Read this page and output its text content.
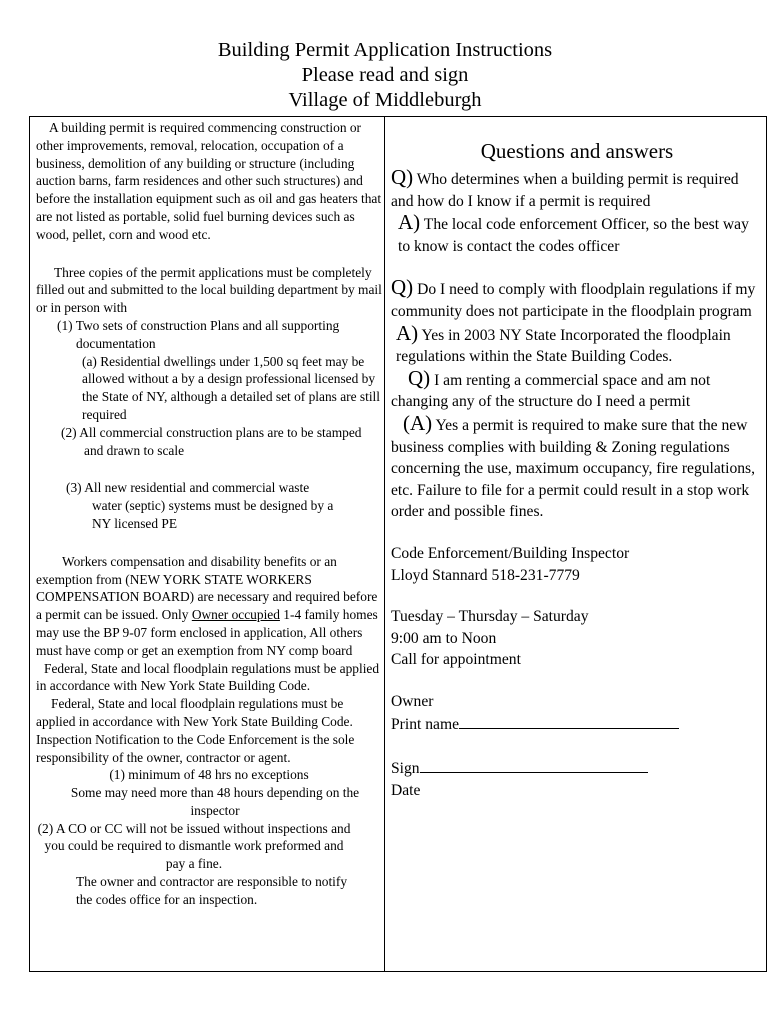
Building Permit Application Instructions
Please read and sign
Village of Middleburgh

A building permit is required commencing construction or other improvements, removal, relocation, occupation of a business, demolition of any building or structure (including auction barns, farm residences and other such structures) and before the installation equipment such as oil and gas heaters that are not listed as portable, solid fuel burning devices such as wood, pellet, corn and wood etc.

Three copies of the permit applications must be completely filled out and submitted to the local building department by mail or in person with

(1) Two sets of construction Plans and all supporting documentation

(a) Residential dwellings under 1,500 sq feet may be allowed without a by a design professional licensed by the State of NY, although a detailed set of plans are still required

(2) All commercial construction plans are to be stamped and drawn to scale

(3) All new residential and commercial waste water (septic) systems must be designed by a NY licensed PE

Workers compensation and disability benefits or an exemption from (NEW YORK STATE WORKERS COMPENSATION BOARD) are necessary and required before a permit can be issued. Only Owner occupied 1-4 family homes may use the BP 9-07 form enclosed in application, All others must have comp or get an exemption from NY comp board

Federal, State and local floodplain regulations must be applied in accordance with New York State Building Code.

Federal, State and local floodplain regulations must be applied in accordance with New York State Building Code.

Inspection Notification to the Code Enforcement is the sole responsibility of the owner, contractor or agent.

(1) minimum of 48 hrs no exceptions

Some may need more than 48 hours depending on the inspector

(2) A CO or CC will not be issued without inspections and you could be required to dismantle work preformed and pay a fine.

The owner and contractor are responsible to notify the codes office for an inspection.

Questions and answers

Q) Who determines when a building permit is required and how do I know if a permit is required

A) The local code enforcement Officer, so the best way to know is contact the codes officer

Q) Do I need to comply with floodplain regulations if my community does not participate in the floodplain program

A) Yes in 2003 NY State Incorporated the floodplain regulations within the State Building Codes.

Q) I am renting a commercial space and am not changing any of the structure do I need a permit

(A) Yes a permit is required to make sure that the new business complies with building & Zoning regulations concerning the use, maximum occupancy, fire regulations, etc. Failure to file for a permit could result in a stop work order and possible fines.

Code Enforcement/Building Inspector

Lloyd Stannard 518-231-7779

Tuesday – Thursday – Saturday

9:00 am to Noon

Call for appointment

Owner

Print name

Sign

Date
